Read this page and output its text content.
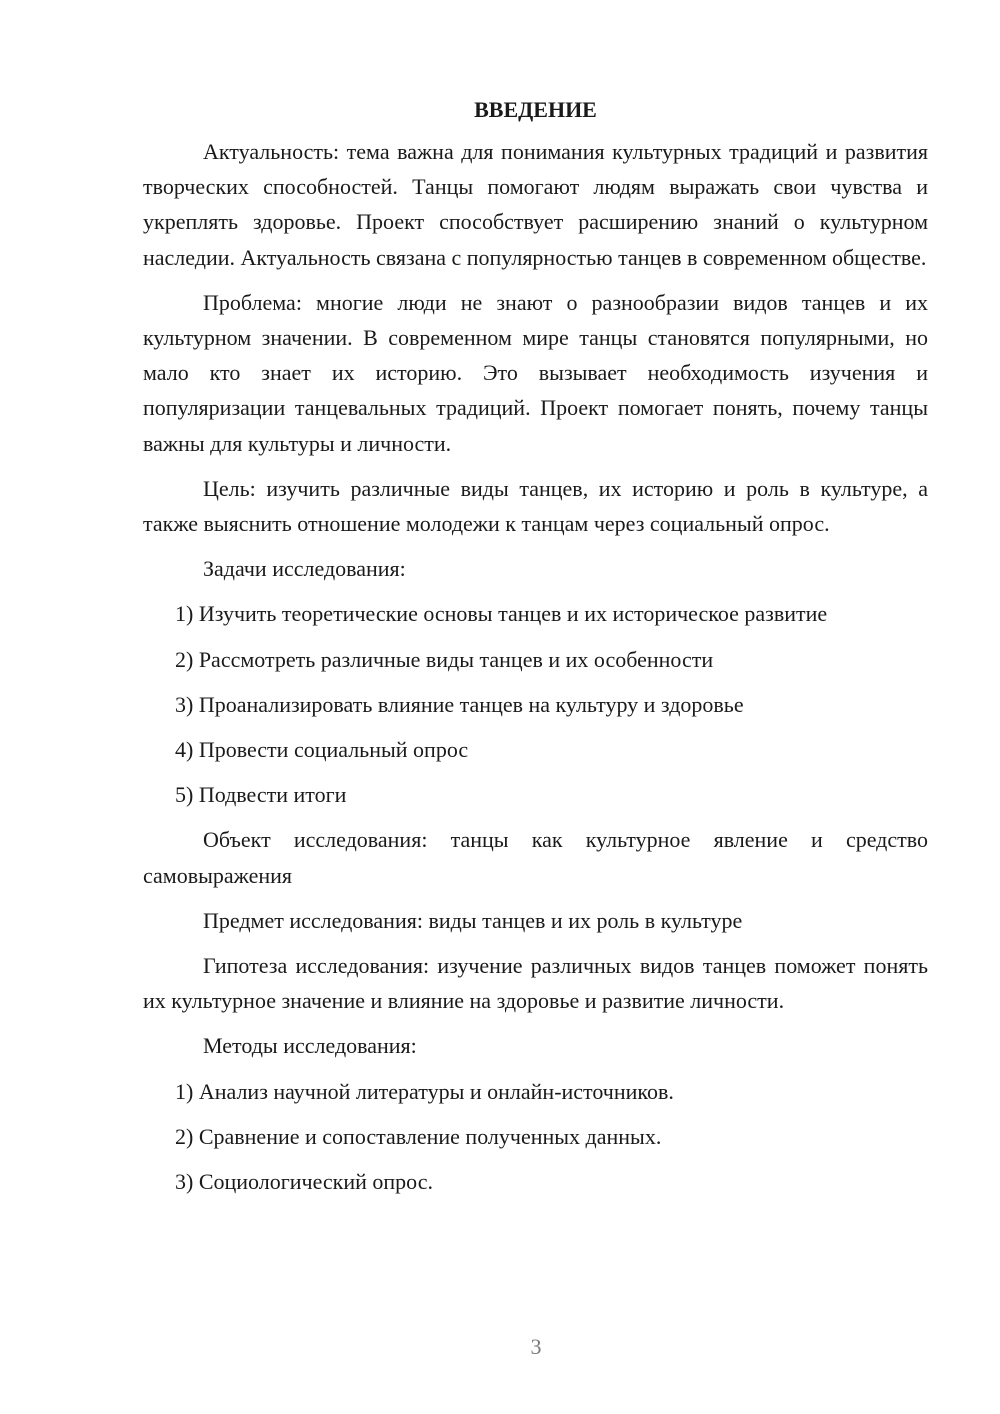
ВВЕДЕНИЕ

Актуальность: тема важна для понимания культурных традиций и развития творческих способностей. Танцы помогают людям выражать свои чувства и укреплять здоровье. Проект способствует расширению знаний о культурном наследии. Актуальность связана с популярностью танцев в современном обществе.

Проблема: многие люди не знают о разнообразии видов танцев и их культурном значении. В современном мире танцы становятся популярными, но мало кто знает их историю. Это вызывает необходимость изучения и популяризации танцевальных традиций. Проект помогает понять, почему танцы важны для культуры и личности.

Цель: изучить различные виды танцев, их историю и роль в культуре, а также выяснить отношение молодежи к танцам через социальный опрос.

Задачи исследования:

1) Изучить теоретические основы танцев и их историческое развитие
2) Рассмотреть различные виды танцев и их особенности
3) Проанализировать влияние танцев на культуру и здоровье
4) Провести социальный опрос
5) Подвести итоги

Объект исследования: танцы как культурное явление и средство самовыражения

Предмет исследования: виды танцев и их роль в культуре

Гипотеза исследования: изучение различных видов танцев поможет понять их культурное значение и влияние на здоровье и развитие личности.

Методы исследования:

1) Анализ научной литературы и онлайн-источников.
2) Сравнение и сопоставление полученных данных.
3) Социологический опрос.
3
